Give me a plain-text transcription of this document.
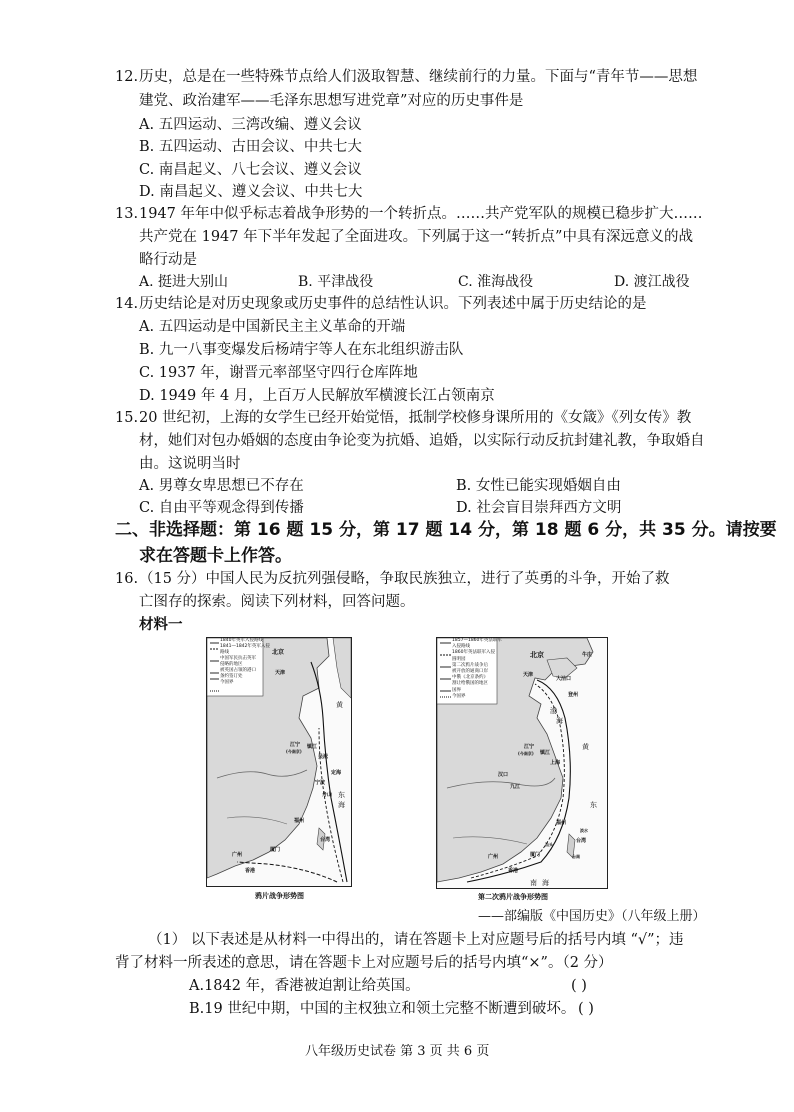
12. 历史，总是在一些特殊节点给人们汲取智慧、继续前行的力量。下面与“青年节——思想
建党、政治建军——毛泽东思想写进党章”对应的历史事件是
A. 五四运动、三湾改编、遵义会议
B. 五四运动、古田会议、中共七大
C. 南昌起义、八七会议、遵义会议
D. 南昌起义、遵义会议、中共七大
13. 1947 年年中似乎标志着战争形势的一个转折点。……共产党军队的规模已稳步扩大……
共产党在 1947 年下半年发起了全面进攻。下列属于这一“转折点”中具有深远意义的战
略行动是
A. 挺进大别山	B. 平津战役	C. 淮海战役	D. 渡江战役
14. 历史结论是对历史现象或历史事件的总结性认识。下列表述中属于历史结论的是
A. 五四运动是中国新民主主义革命的开端
B. 九一八事变爆发后杨靖宇等人在东北组织游击队
C. 1937 年，谢晋元率部坚守四行仓库阵地
D. 1949 年 4 月，上百万人民解放军横渡长江占领南京
15. 20 世纪初，上海的女学生已经开始觉悟，抵制学校修身课所用的《女箴》《列女传》教
材，她们对包办婚姻的态度由争论变为抗婚、追婚，以实际行动反抗封建礼教，争取婚自
由。这说明当时
A. 男尊女卑思想已不存在	B. 女性已能实现婚姻自由
C. 自由平等观念得到传播	D. 社会盲目崇拜西方文明
二、非选择题：第 16 题 15 分，第 17 题 14 分，第 18 题 6 分，共 35 分。请按要
求在答题卡上作答。
16. （15 分）中国人民为反抗列强侵略，争取民族独立，进行了英勇的斗争，开始了救
亡图存的探索。阅读下列材料，回答问题。
材料一
1840年英军入侵路线
1841—1842年英军入侵
路线
中国军民抗击英军
侵略的地区
被英国占领的港口
条约签订处
今国界
北京
天津
江宁
(今南京)
定海
宁波
福州
厦门
广州
香港
台湾
镇江
吴淞
舟山
黄
东
海
鸦片战争形势图
1857—1860年英法联军
入侵路线
1860年英法联军入侵
圆明园
第二次鸦片战争后
被开放的通商口岸
中俄《北京条约》
割让给俄国的地区
国界
今国界
北京
天津
大沽口
牛庄
登州
江宁
(今南京)
上海
汉口
九江
镇江
福州
厦门
广州
台湾
淡水
台南
汕头
香港
渤
海
黄
东
南 海
第二次鸦片战争形势图
——部编版《中国历史》（八年级上册）
（1） 以下表述是从材料一中得出的，请在答题卡上对应题号后的括号内填 “√”；违
背了材料一所表述的意思，请在答题卡上对应题号后的括号内填“×”。（2 分）
A.1842 年，香港被迫割让给英国。	( )
B.19 世纪中期，中国的主权独立和领土完整不断遭到破坏。 ( )
八年级历史试卷 第 3 页 共 6 页
